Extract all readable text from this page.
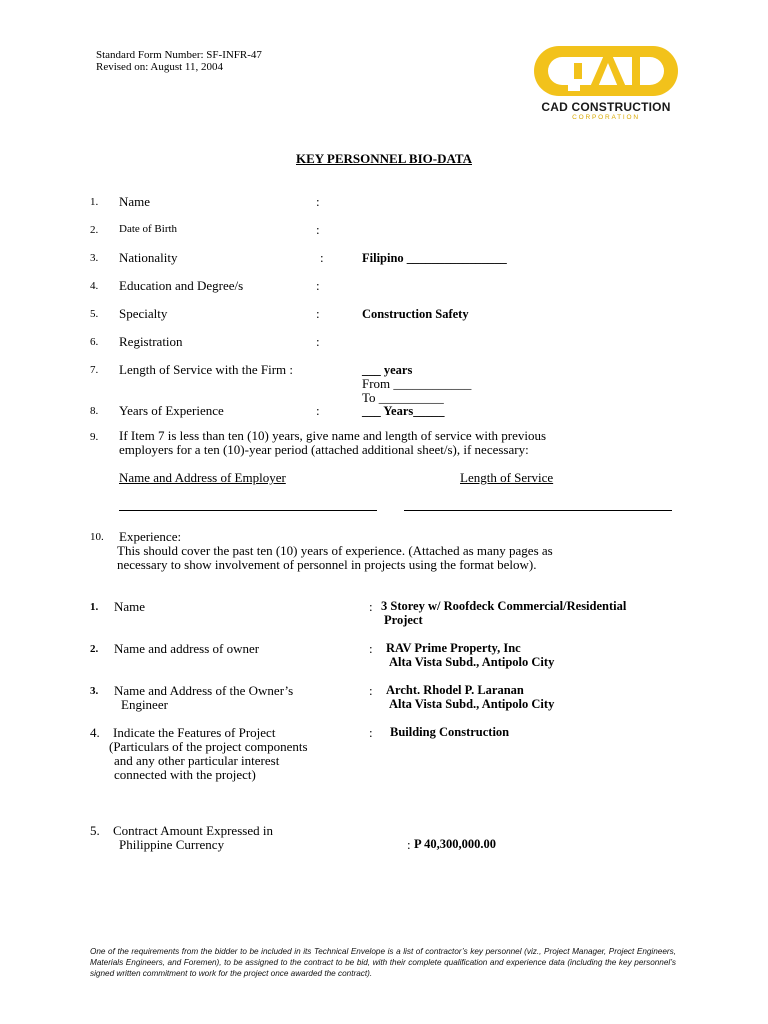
Standard Form Number: SF-INFR-47
Revised on: August 11, 2004
CAD CONSTRUCTION
CORPORATION
KEY PERSONNEL BIO-DATA
1. Name	:
2. Date of Birth	:
3. Nationality	:	Filipino ________________
4. Education and Degree/s	:
5. Specialty	:	Construction Safety
6. Registration	:
7. Length of Service with the Firm :	___ years
From ____________
To __________
8. Years of Experience	:	___ Years_____
9. If Item 7 is less than ten (10) years, give name and length of service with previous
employers for a ten (10)-year period (attached additional sheet/s), if necessary:
Name and Address of Employer	Length of Service
10. Experience:
This should cover the past ten (10) years of experience. (Attached as many pages as
necessary to show involvement of personnel in projects using the format below).
1. Name	: 3 Storey w/ Roofdeck Commercial/Residential
Project
2. Name and address of owner	: RAV Prime Property, Inc
Alta Vista Subd., Antipolo City
3. Name and Address of the Owner’s
Engineer
: Archt. Rhodel P. Laranan
Alta Vista Subd., Antipolo City
4. Indicate the Features of Project
(Particulars of the project components
and any other particular interest
connected with the project)
: Building Construction
5. Contract Amount Expressed in
Philippine Currency	: P 40,300,000.00
One of the requirements from the bidder to be included in its Technical Envelope is a list of contractor’s key personnel (viz., Project Manager, Project Engineers, Materials Engineers, and Foremen), to be assigned to the contract to be bid, with their complete qualification and experience data (including the key personnel’s signed written commitment to work for the project once awarded the contract).
